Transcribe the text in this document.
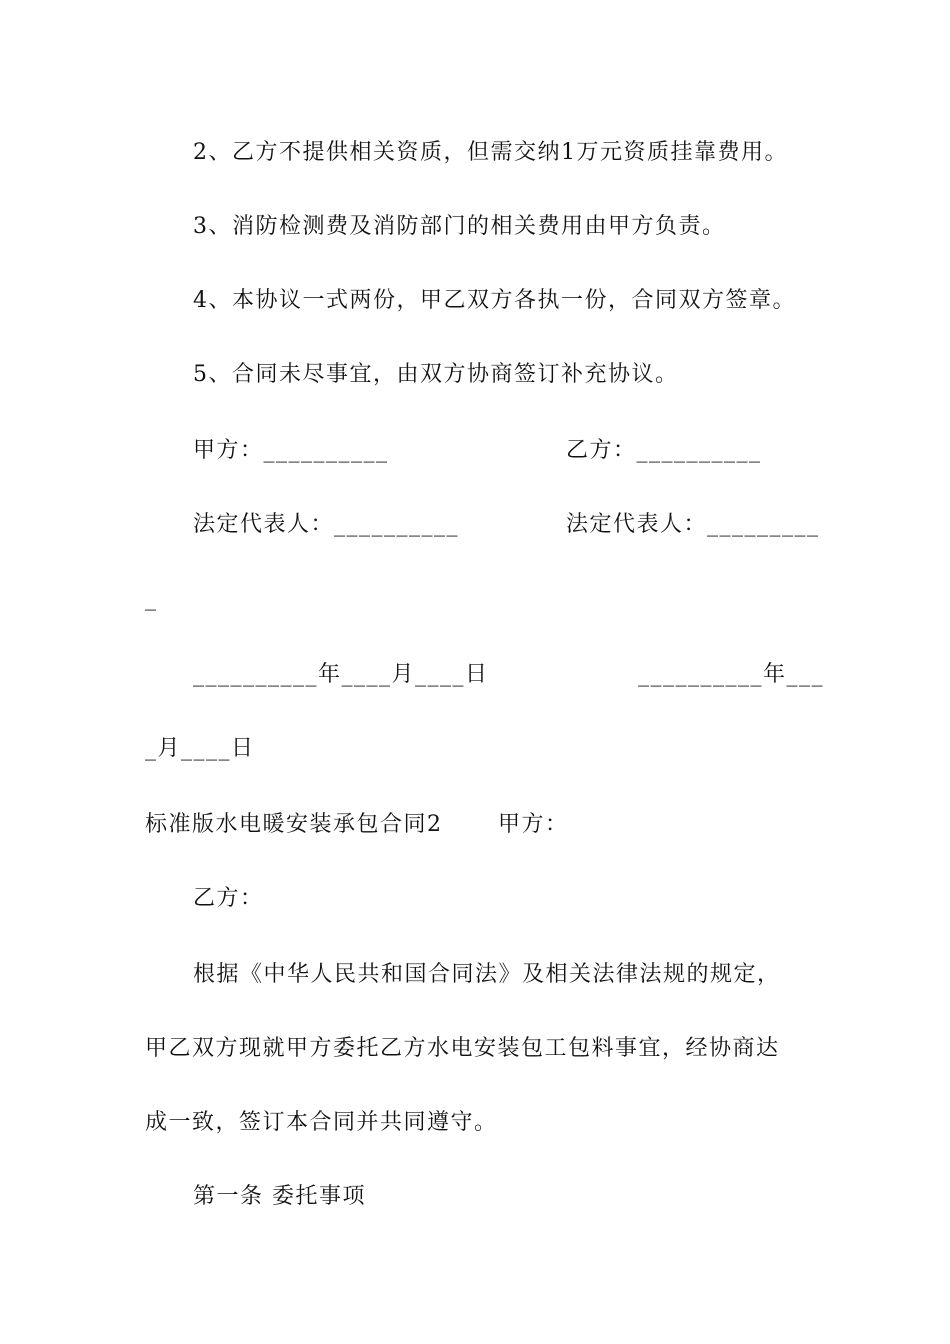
2、乙方不提供相关资质，但需交纳1万元资质挂靠费用。
3、消防检测费及消防部门的相关费用由甲方负责。
4、本协议一式两份，甲乙双方各执一份，合同双方签章。
5、合同未尽事宜，由双方协商签订补充协议。
甲方：__________	乙方：__________
法定代表人：__________	法定代表人：_________
_
__________年____月____日	__________年___
_月____日
标准版水电暖安装承包合同2	甲方：
乙方：
根据《中华人民共和国合同法》及相关法律法规的规定，
甲乙双方现就甲方委托乙方水电安装包工包料事宜，经协商达
成一致，签订本合同并共同遵守。
第一条 委托事项
